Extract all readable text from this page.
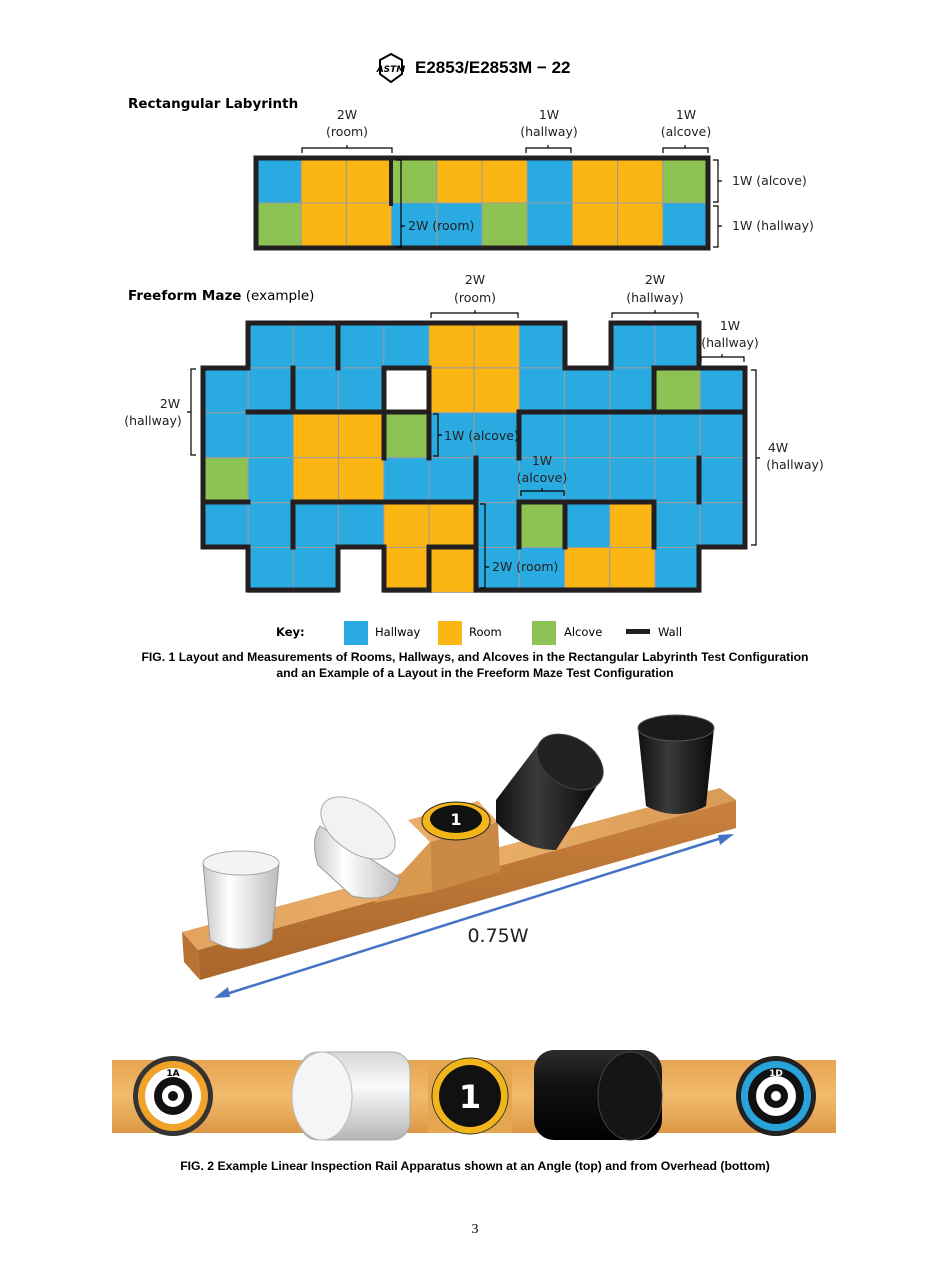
ASTM E2853/E2853M − 22
Rectangular Labyrinth
2W
(room)
1W
(hallway)
1W
(alcove)
1W (alcove)
1W (hallway)
2W (room)
Freeform Maze (example)
2W
(room)
2W
(hallway)
1W
(hallway)
2W
(hallway)
4W
(hallway)
1W
(alcove)
1W (alcove)
2W (room)
Key:	Hallway	Room	Alcove	Wall
FIG. 1 Layout and Measurements of Rooms, Hallways, and Alcoves in the Rectangular Labyrinth Test Configuration
and an Example of a Layout in the Freeform Maze Test Configuration
1
0.75W
1A
1
1D
FIG. 2 Example Linear Inspection Rail Apparatus shown at an Angle (top) and from Overhead (bottom)
3
